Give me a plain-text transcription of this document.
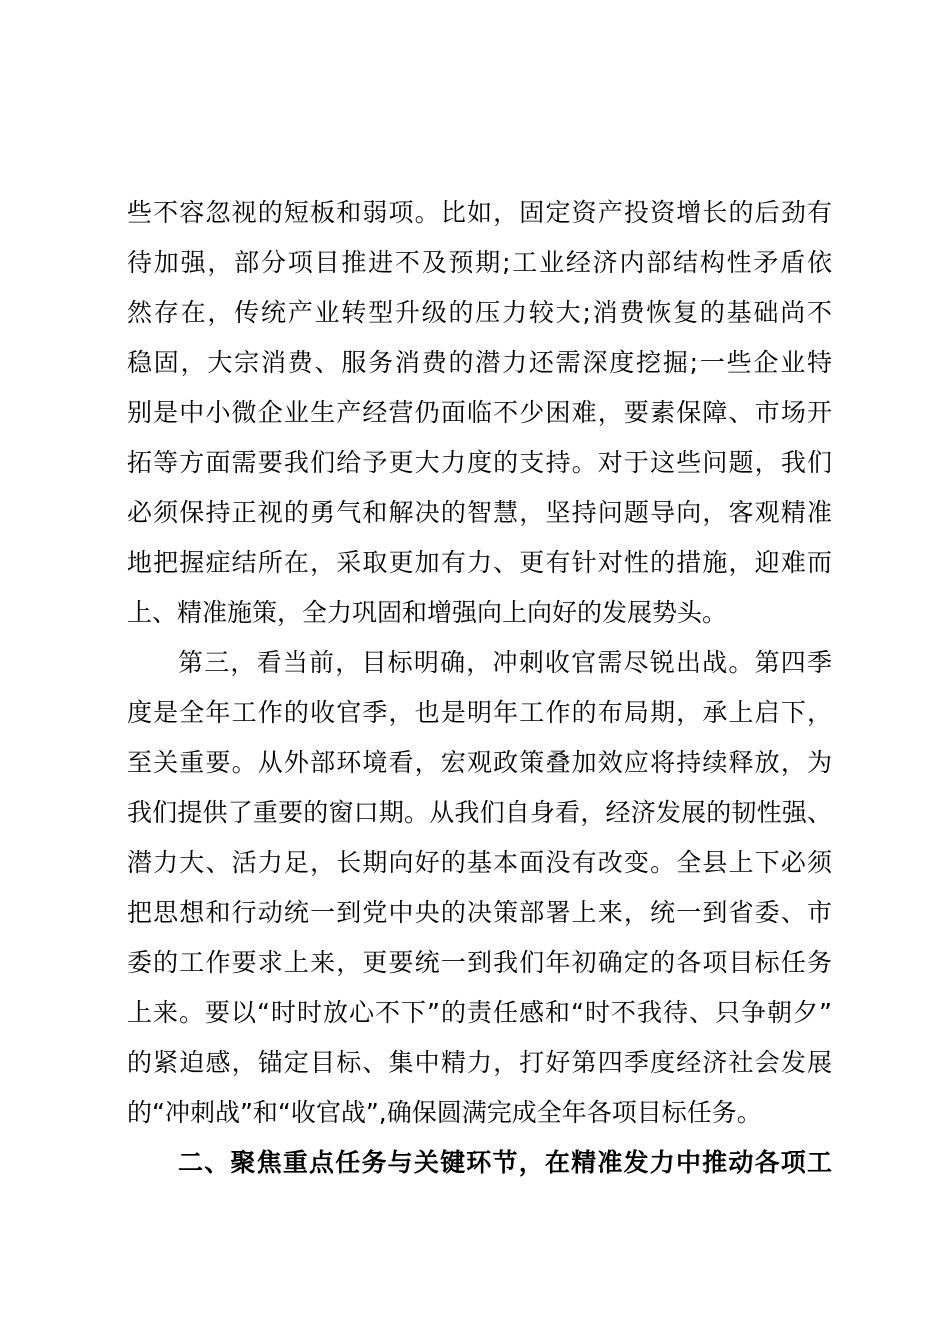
些不容忽视的短板和弱项。比如，固定资产投资增长的后劲有
待加强，部分项目推进不及预期;工业经济内部结构性矛盾依
然存在，传统产业转型升级的压力较大;消费恢复的基础尚不
稳固，大宗消费、服务消费的潜力还需深度挖掘;一些企业特
别是中小微企业生产经营仍面临不少困难，要素保障、市场开
拓等方面需要我们给予更大力度的支持。对于这些问题，我们
必须保持正视的勇气和解决的智慧，坚持问题导向，客观精准
地把握症结所在，采取更加有力、更有针对性的措施，迎难而
上、精准施策，全力巩固和增强向上向好的发展势头。
第三，看当前，目标明确，冲刺收官需尽锐出战。第四季
度是全年工作的收官季，也是明年工作的布局期，承上启下，
至关重要。从外部环境看，宏观政策叠加效应将持续释放，为
我们提供了重要的窗口期。从我们自身看，经济发展的韧性强、
潜力大、活力足，长期向好的基本面没有改变。全县上下必须
把思想和行动统一到党中央的决策部署上来，统一到省委、市
委的工作要求上来，更要统一到我们年初确定的各项目标任务
上来。要以“时时放心不下”的责任感和“时不我待、只争朝夕”
的紧迫感，锚定目标、集中精力，打好第四季度经济社会发展
的“冲刺战”和“收官战”,确保圆满完成全年各项目标任务。
二、聚焦重点任务与关键环节，在精准发力中推动各项工
